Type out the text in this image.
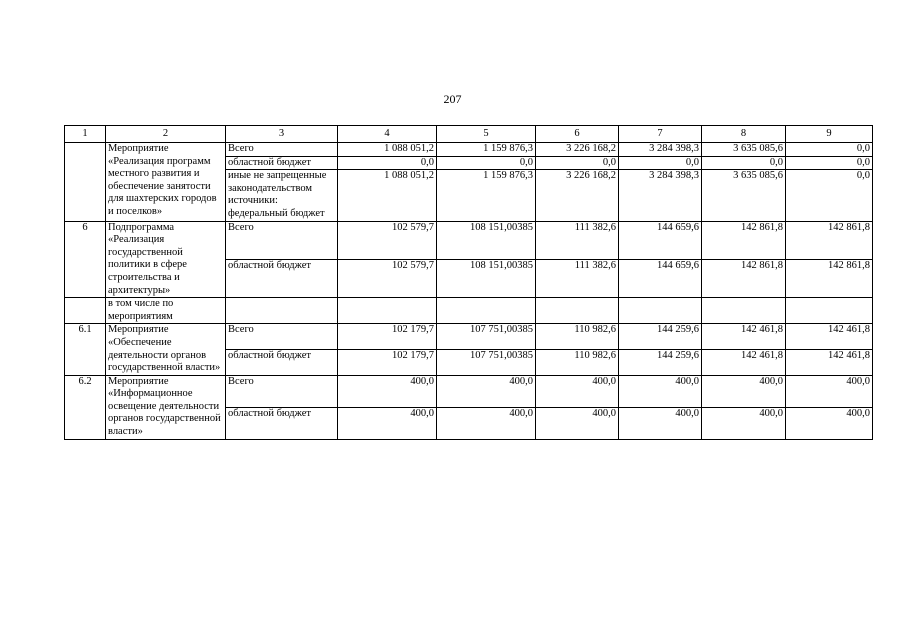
207
1	2	3	4	5	6	7	8	9
	Мероприятие «Реализация программ местного развития и обеспечение занятости для шахтерских городов и поселков»	Всего	1 088 051,2	1 159 876,3	3 226 168,2	3 284 398,3	3 635 085,6	0,0
		областной бюджет	0,0	0,0	0,0	0,0	0,0	0,0
		иные не запрещенные законодательством источники: федеральный бюджет	1 088 051,2	1 159 876,3	3 226 168,2	3 284 398,3	3 635 085,6	0,0
6	Подпрограмма «Реализация государственной политики в сфере строительства и архитектуры»	Всего	102 579,7	108 151,00385	111 382,6	144 659,6	142 861,8	142 861,8
		областной бюджет	102 579,7	108 151,00385	111 382,6	144 659,6	142 861,8	142 861,8
	в том числе по мероприятиям							
6.1	Мероприятие «Обеспечение деятельности органов государственной власти»	Всего	102 179,7	107 751,00385	110 982,6	144 259,6	142 461,8	142 461,8
		областной бюджет	102 179,7	107 751,00385	110 982,6	144 259,6	142 461,8	142 461,8
6.2	Мероприятие «Информационное освещение деятельности органов государственной власти»	Всего	400,0	400,0	400,0	400,0	400,0	400,0
		областной бюджет	400,0	400,0	400,0	400,0	400,0	400,0
